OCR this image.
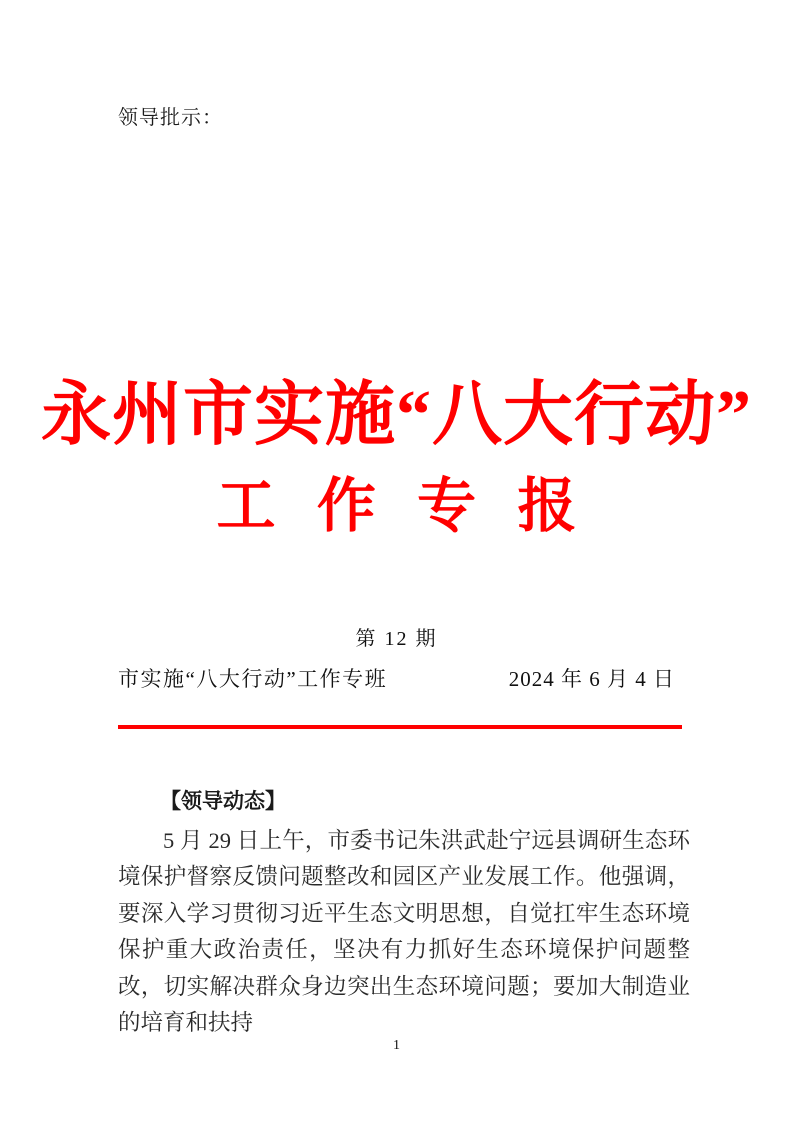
领导批示：
永州市实施“八大行动”
工 作 专 报
第 12 期
市实施“八大行动”工作专班	2024 年 6 月 4 日
【领导动态】

5 月 29 日上午，市委书记朱洪武赴宁远县调研生态环境保护督察反馈问题整改和园区产业发展工作。他强调，要深入学习贯彻习近平生态文明思想，自觉扛牢生态环境保护重大政治责任，坚决有力抓好生态环境保护问题整改，切实解决群众身边突出生态环境问题；要加大制造业的培育和扶持

1
